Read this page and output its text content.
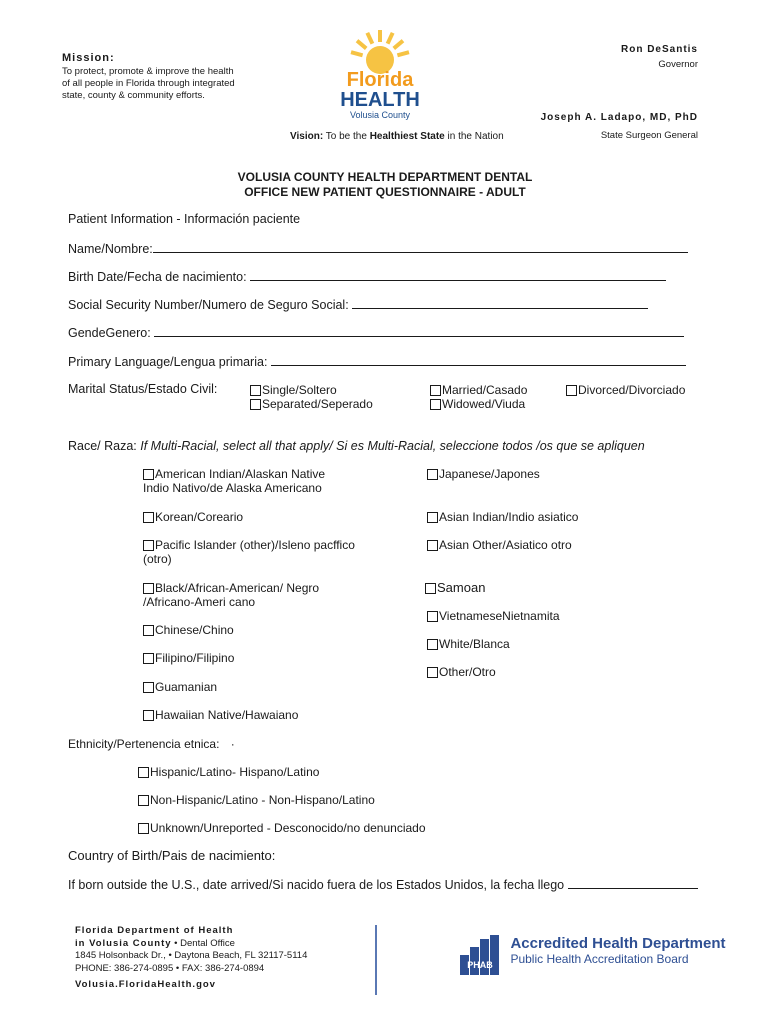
Mission:
To protect, promote & improve the health of all people in Florida through integrated state, county & community efforts.
Florida
HEALTH
Volusia County
Ron DeSantis
Governor
Joseph A. Ladapo, MD, PhD
State Surgeon General
Vision: To be the Healthiest State in the Nation
VOLUSIA COUNTY HEALTH DEPARTMENT DENTAL
OFFICE NEW PATIENT QUESTIONNAIRE - ADULT
Patient Information - Información paciente
Name/Nombre:
Birth Date/Fecha de nacimiento:
Social Security Number/Numero de Seguro Social:
GendeGenero:
Primary Language/Lengua primaria:
Marital Status/Estado Civil:	Single/Soltero
Separated/Seperado
Married/Casado
Widowed/Viuda
Divorced/Divorciado
Race/ Raza: If Multi-Racial, select all that apply/ Si es Multi-Racial, seleccione todos /os que se apliquen
American Indian/Alaskan Native
Indio Nativo/de Alaska Americano
Korean/Coreario
Pacific Islander (other)/Isleno pacffico
(otro)
Black/African-American/ Negro
/Africano-Ameri cano
Chinese/Chino
Filipino/Filipino
Guamanian
Hawaiian Native/Hawaiano
Japanese/Japones
Asian Indian/Indio asiatico
Asian Other/Asiatico otro
Samoan
VietnameseNietnamita
White/Blanca
Other/Otro
Ethnicity/Pertenencia etnica: ·
Hispanic/Latino- Hispano/Latino
Non-Hispanic/Latino - Non-Hispano/Latino
Unknown/Unreported - Desconocido/no denunciado
Country of Birth/Pais de nacimiento:
If born outside the U.S., date arrived/Si nacido fuera de los Estados Unidos, la fecha llego
Florida Department of Health
in Volusia County • Dental Office
1845 Holsonback Dr., • Daytona Beach, FL 32117-5114
PHONE: 386-274-0895 • FAX: 386-274-0894
Volusia.FloridaHealth.gov
PHAB

Accredited Health Department
Public Health Accreditation Board
